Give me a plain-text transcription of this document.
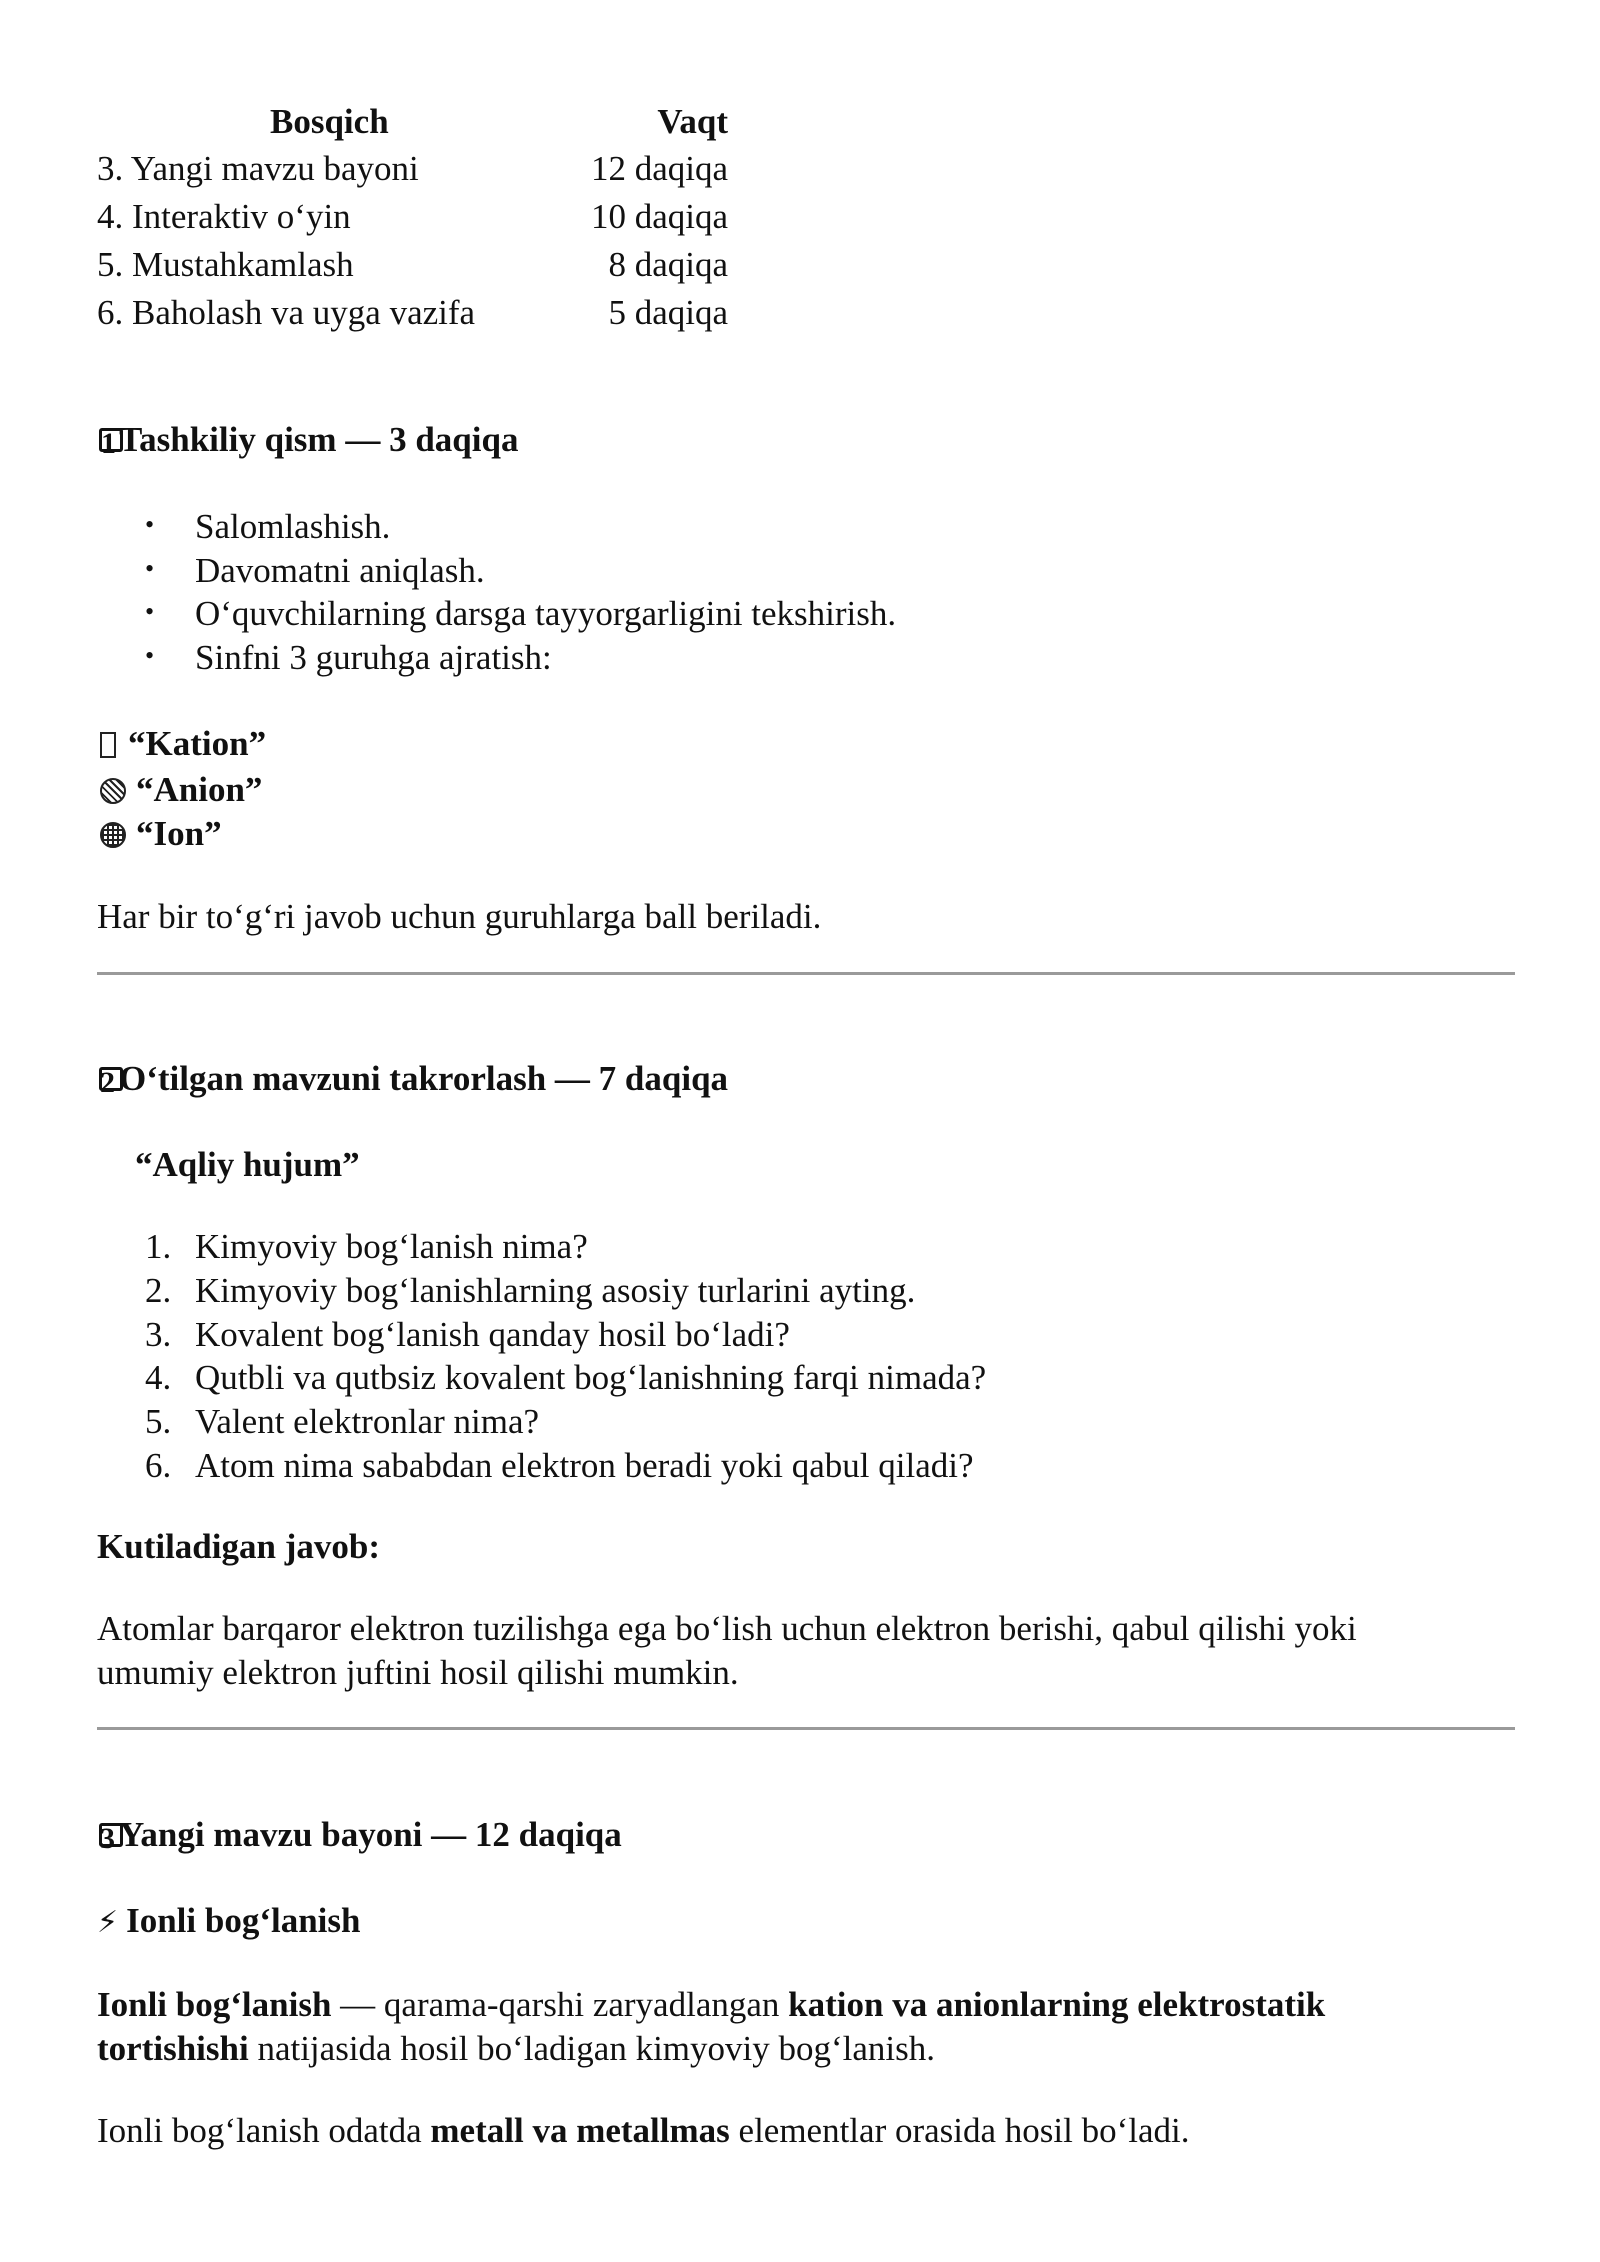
Bosqich	Vaqt
3. Yangi mavzu bayoni	12 daqiqa
4. Interaktiv o‘yin	10 daqiqa
5. Mustahkamlash	8 daqiqa
6. Baholash va uyga vazifa	5 daqiqa
1 Tashkiliy qism — 3 daqiqa
• Salomlashish.
• Davomatni aniqlash.
• O‘quvchilarning darsga tayyorgarligini tekshirish.
• Sinfni 3 guruhga ajratish:
“Kation”
“Anion”
“Ion”
Har bir to‘g‘ri javob uchun guruhlarga ball beriladi.
2 O‘tilgan mavzuni takrorlash — 7 daqiqa
“Aqliy hujum”
1. Kimyoviy bog‘lanish nima?
2. Kimyoviy bog‘lanishlarning asosiy turlarini ayting.
3. Kovalent bog‘lanish qanday hosil bo‘ladi?
4. Qutbli va qutbsiz kovalent bog‘lanishning farqi nimada?
5. Valent elektronlar nima?
6. Atom nima sababdan elektron beradi yoki qabul qiladi?
Kutiladigan javob:
Atomlar barqaror elektron tuzilishga ega bo‘lish uchun elektron berishi, qabul qilishi yoki
umumiy elektron juftini hosil qilishi mumkin.
3 Yangi mavzu bayoni — 12 daqiqa
⚡ Ionli bog‘lanish
Ionli bog‘lanish — qarama-qarshi zaryadlangan kation va anionlarning elektrostatik
tortishishi natijasida hosil bo‘ladigan kimyoviy bog‘lanish.
Ionli bog‘lanish odatda metall va metallmas elementlar orasida hosil bo‘ladi.
